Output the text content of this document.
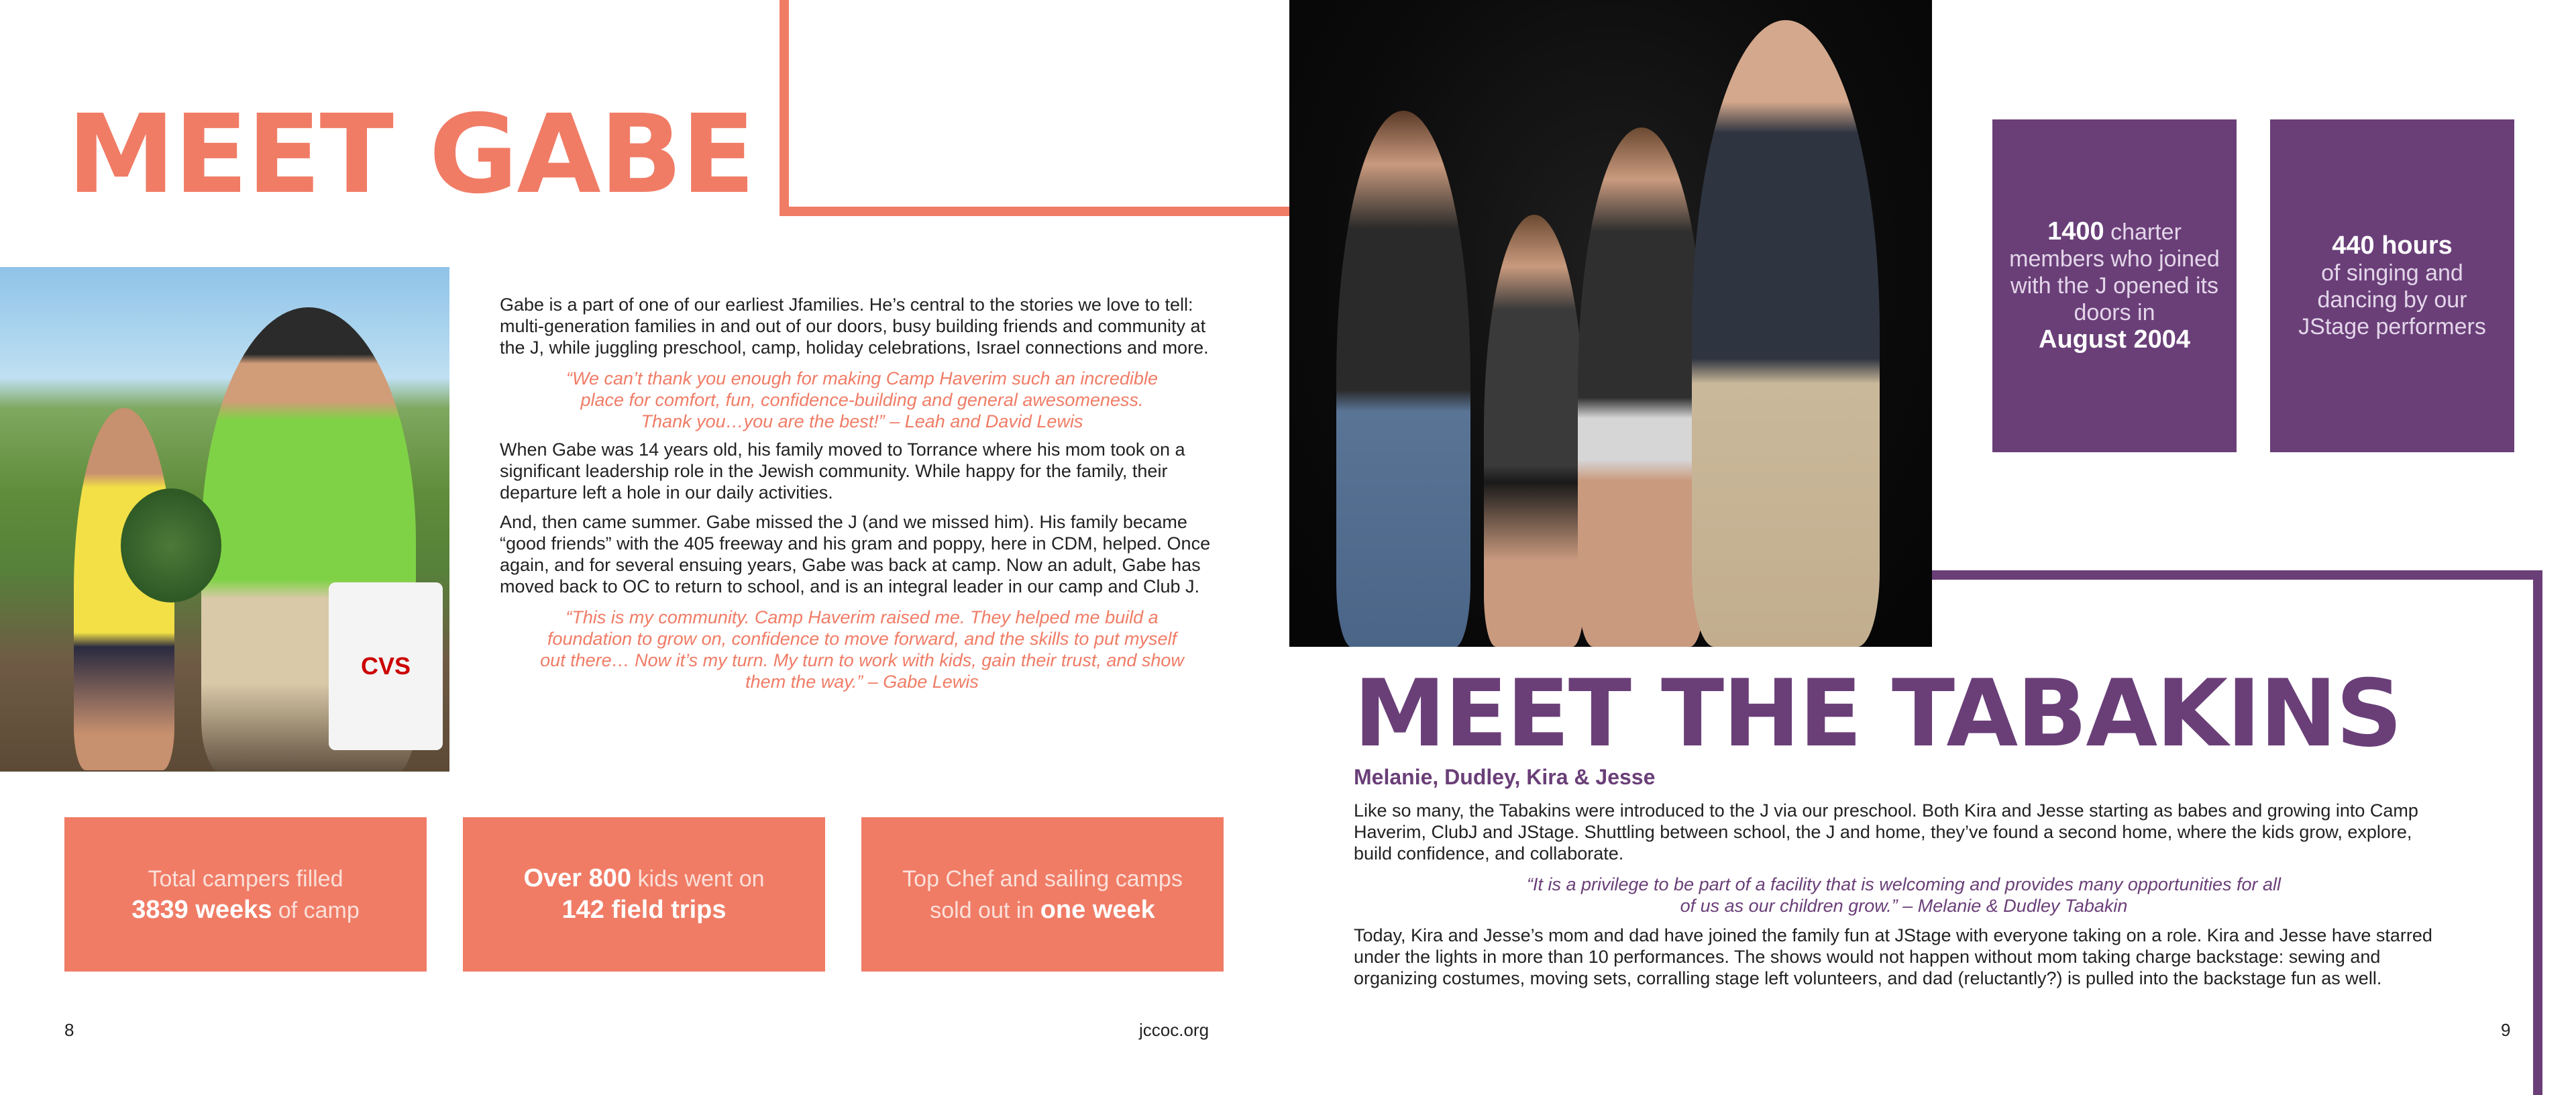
MEET GABE
CVS

Gabe is a part of one of our earliest Jfamilies. He’s central to the stories we love to tell: multi-generation families in and out of our doors, busy building friends and community at the J, while juggling preschool, camp, holiday celebrations, Israel connections and more.

“We can’t thank you enough for making Camp Haverim such an incredible place for comfort, fun, confidence-building and general awesomeness. Thank you…you are the best!” – Leah and David Lewis

When Gabe was 14 years old, his family moved to Torrance where his mom took on a significant leadership role in the Jewish community. While happy for the family, their departure left a hole in our daily activities.

And, then came summer. Gabe missed the J (and we missed him). His family became “good friends” with the 405 freeway and his gram and poppy, here in CDM, helped. Once again, and for several ensuing years, Gabe was back at camp. Now an adult, Gabe has moved back to OC to return to school, and is an integral leader in our camp and Club J.

“This is my community. Camp Haverim raised me. They helped me build a foundation to grow on, confidence to move forward, and the skills to put myself out there… Now it’s my turn. My turn to work with kids, gain their trust, and show them the way.” – Gabe Lewis

Total campers filled
3839 weeks of camp
Over 800 kids went on
142 field trips
Top Chef and sailing camps sold out in one week
8	jccoc.org
MEET THE TABAKINS
Melanie, Dudley, Kira & Jesse

Like so many, the Tabakins were introduced to the J via our preschool. Both Kira and Jesse starting as babes and growing into Camp Haverim, ClubJ and JStage. Shuttling between school, the J and home, they’ve found a second home, where the kids grow, explore, build confidence, and collaborate.

“It is a privilege to be part of a facility that is welcoming and provides many opportunities for all of us as our children grow.” – Melanie & Dudley Tabakin

Today, Kira and Jesse’s mom and dad have joined the family fun at JStage with everyone taking on a role. Kira and Jesse have starred under the lights in more than 10 performances. The shows would not happen without mom taking charge backstage: sewing and organizing costumes, moving sets, corralling stage left volunteers, and dad (reluctantly?) is pulled into the backstage fun as well.

1400 charter members who joined with the J opened its doors in
August 2004
440 hours
of singing and dancing by our JStage performers
9
